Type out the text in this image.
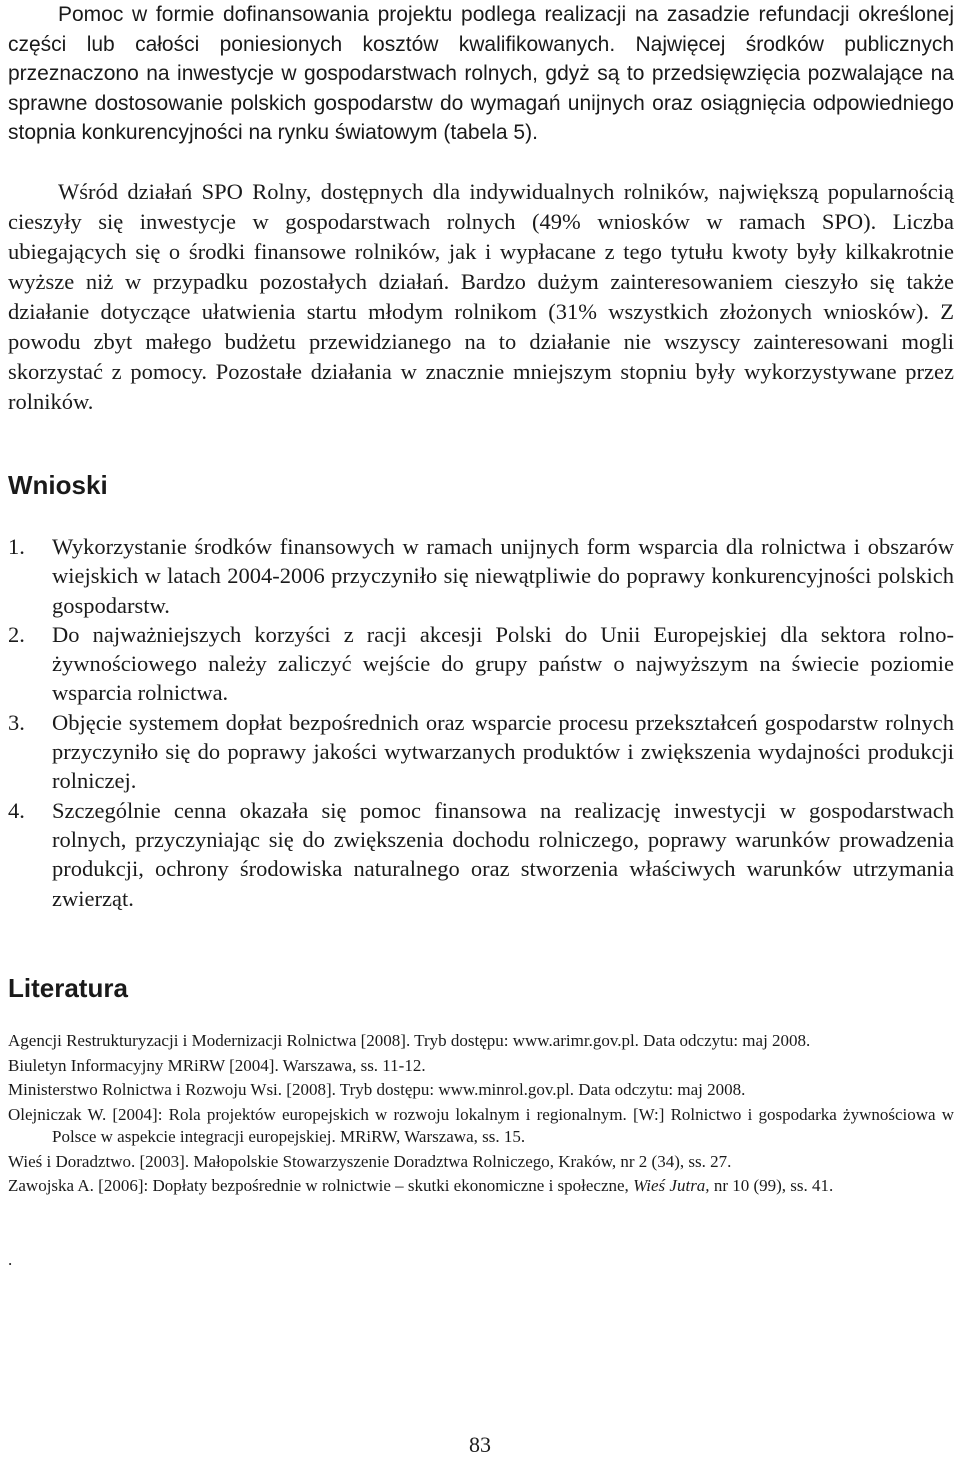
Pomoc w formie dofinansowania projektu podlega realizacji na zasadzie refundacji określonej części lub całości poniesionych kosztów kwalifikowanych. Najwięcej środków publicznych przeznaczono na inwestycje w gospodarstwach rolnych, gdyż są to przedsięwzięcia pozwalające na sprawne dostosowanie polskich gospodarstw do wymagań unijnych oraz osiągnięcia odpowiedniego stopnia konkurencyjności na rynku światowym (tabela 5).

Wśród działań SPO Rolny, dostępnych dla indywidualnych rolników, największą popularnością cieszyły się inwestycje w gospodarstwach rolnych (49% wniosków w ramach SPO). Liczba ubiegających się o środki finansowe rolników, jak i wypłacane z tego tytułu kwoty były kilkakrotnie wyższe niż w przypadku pozostałych działań. Bardzo dużym zainteresowaniem cieszyło się także działanie dotyczące ułatwienia startu młodym rolnikom (31% wszystkich złożonych wniosków). Z powodu zbyt małego budżetu przewidzianego na to działanie nie wszyscy zainteresowani mogli skorzystać z pomocy. Pozostałe działania w znacznie mniejszym stopniu były wykorzystywane przez rolników.

Wnioski
1. Wykorzystanie środków finansowych w ramach unijnych form wsparcia dla rolnictwa i obszarów wiejskich w latach 2004-2006 przyczyniło się niewątpliwie do poprawy konkurencyjności polskich gospodarstw.
2. Do najważniejszych korzyści z racji akcesji Polski do Unii Europejskiej dla sektora rolno-żywnościowego należy zaliczyć wejście do grupy państw o najwyższym na świecie poziomie wsparcia rolnictwa.
3. Objęcie systemem dopłat bezpośrednich oraz wsparcie procesu przekształceń gospodarstw rolnych przyczyniło się do poprawy jakości wytwarzanych produktów i zwiększenia wydajności produkcji rolniczej.
4. Szczególnie cenna okazała się pomoc finansowa na realizację inwestycji w gospodarstwach rolnych, przyczyniając się do zwiększenia dochodu rolniczego, poprawy warunków prowadzenia produkcji, ochrony środowiska naturalnego oraz stworzenia właściwych warunków utrzymania zwierząt.
Literatura
Agencji Restrukturyzacji i Modernizacji Rolnictwa [2008]. Tryb dostępu: www.arimr.gov.pl. Data odczytu: maj 2008.
Biuletyn Informacyjny MRiRW [2004]. Warszawa, ss. 11-12.
Ministerstwo Rolnictwa i Rozwoju Wsi. [2008]. Tryb dostępu: www.minrol.gov.pl. Data odczytu: maj 2008.
Olejniczak W. [2004]: Rola projektów europejskich w rozwoju lokalnym i regionalnym. [W:] Rolnictwo i gospodarka żywnościowa w Polsce w aspekcie integracji europejskiej. MRiRW, Warszawa, ss. 15.
Wieś i Doradztwo. [2003]. Małopolskie Stowarzyszenie Doradztwa Rolniczego, Kraków, nr 2 (34), ss. 27.
Zawojska A. [2006]: Dopłaty bezpośrednie w rolnictwie – skutki ekonomiczne i społeczne, Wieś Jutra, nr 10 (99), ss. 41.
.
83
